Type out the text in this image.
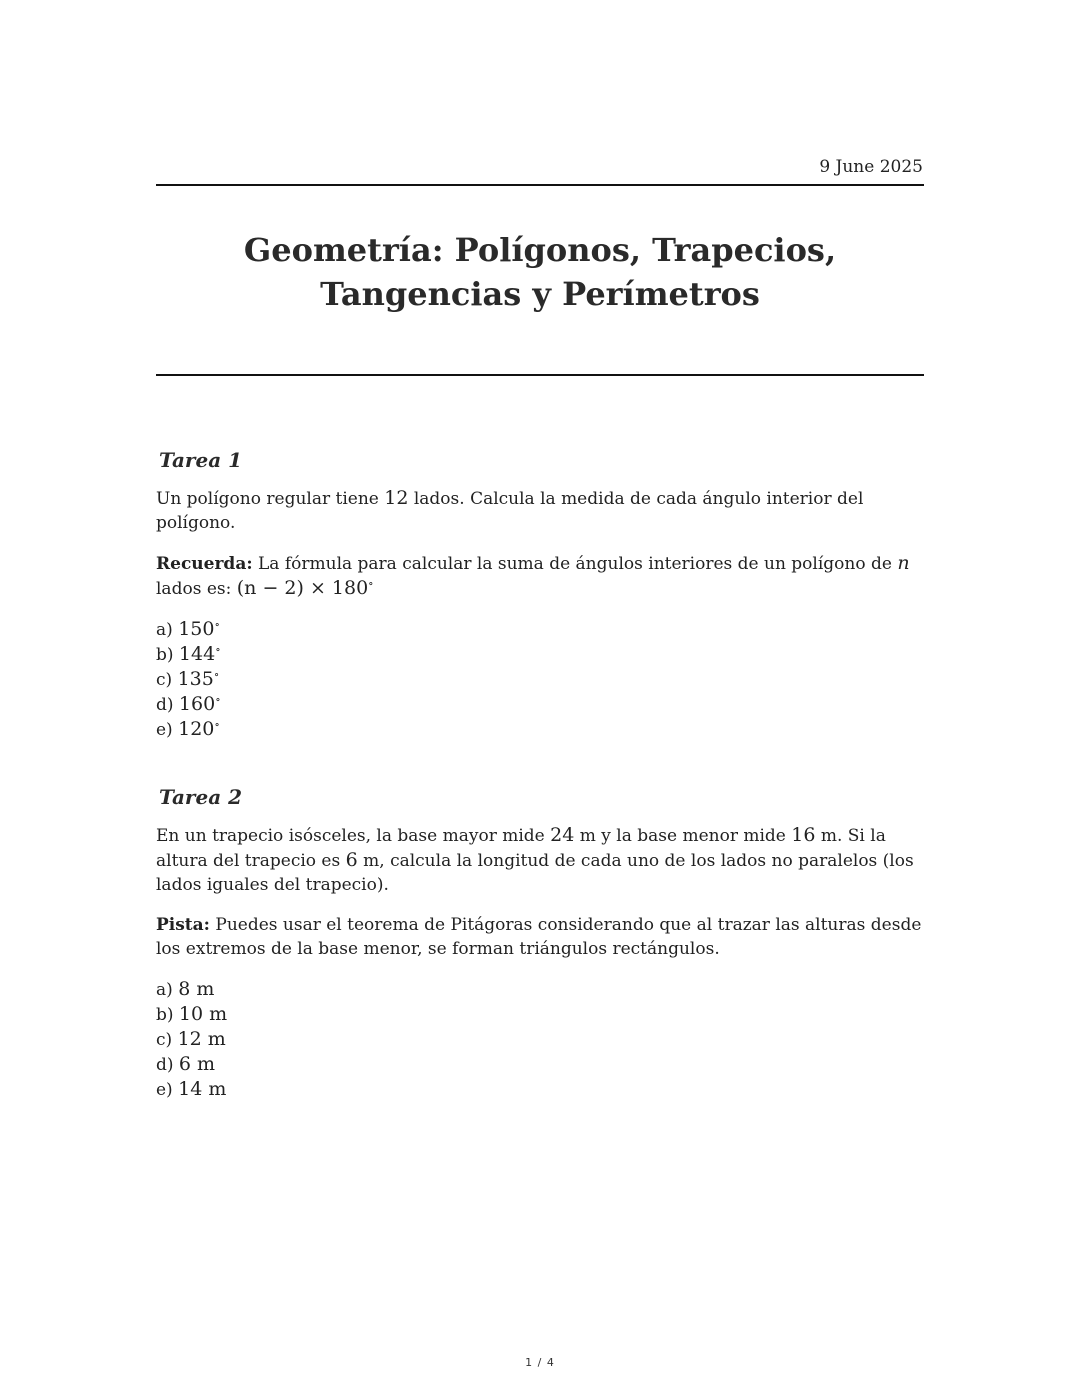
9 June 2025
Geometría: Polígonos, Trapecios, Tangencias y Perímetros
Tarea 1

Un polígono regular tiene 12 lados. Calcula la medida de cada ángulo interior del polígono.

Recuerda: La fórmula para calcular la suma de ángulos interiores de un polígono de n lados es: (n − 2) × 180∘

a) 150∘
b) 144∘
c) 135∘
d) 160∘
e) 120∘
Tarea 2

En un trapecio isósceles, la base mayor mide 24 m y la base menor mide 16 m. Si la altura del trapecio es 6 m, calcula la longitud de cada uno de los lados no paralelos (los lados iguales del trapecio).

Pista: Puedes usar el teorema de Pitágoras considerando que al trazar las alturas desde los extremos de la base menor, se forman triángulos rectángulos.

a) 8 m
b) 10 m
c) 12 m
d) 6 m
e) 14 m
1 / 4
